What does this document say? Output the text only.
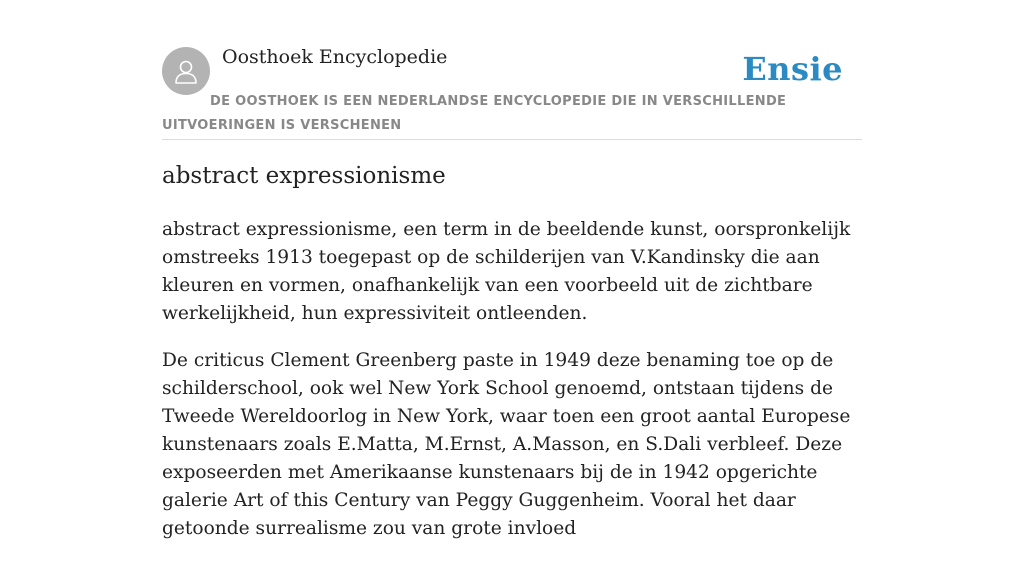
Oosthoek Encyclopedie	Ensie
DE OOSTHOEK IS EEN NEDERLANDSE ENCYCLOPEDIE DIE IN VERSCHILLENDE UITVOERINGEN IS VERSCHENEN
abstract expressionisme

abstract expressionisme, een term in de beeldende kunst, oorspronkelijk omstreeks 1913 toegepast op de schilderijen van V.Kandinsky die aan kleuren en vormen, onafhankelijk van een voorbeeld uit de zichtbare werkelijkheid, hun expressiviteit ontleenden.

De criticus Clement Greenberg paste in 1949 deze benaming toe op de schilderschool, ook wel New York School genoemd, ontstaan tijdens de Tweede Wereldoorlog in New York, waar toen een groot aantal Europese kunstenaars zoals E.Matta, M.Ernst, A.Masson, en S.Dali verbleef. Deze exposeerden met Amerikaanse kunstenaars bij de in 1942 opgerichte galerie Art of this Century van Peggy Guggenheim. Vooral het daar getoonde surrealisme zou van grote invloed
